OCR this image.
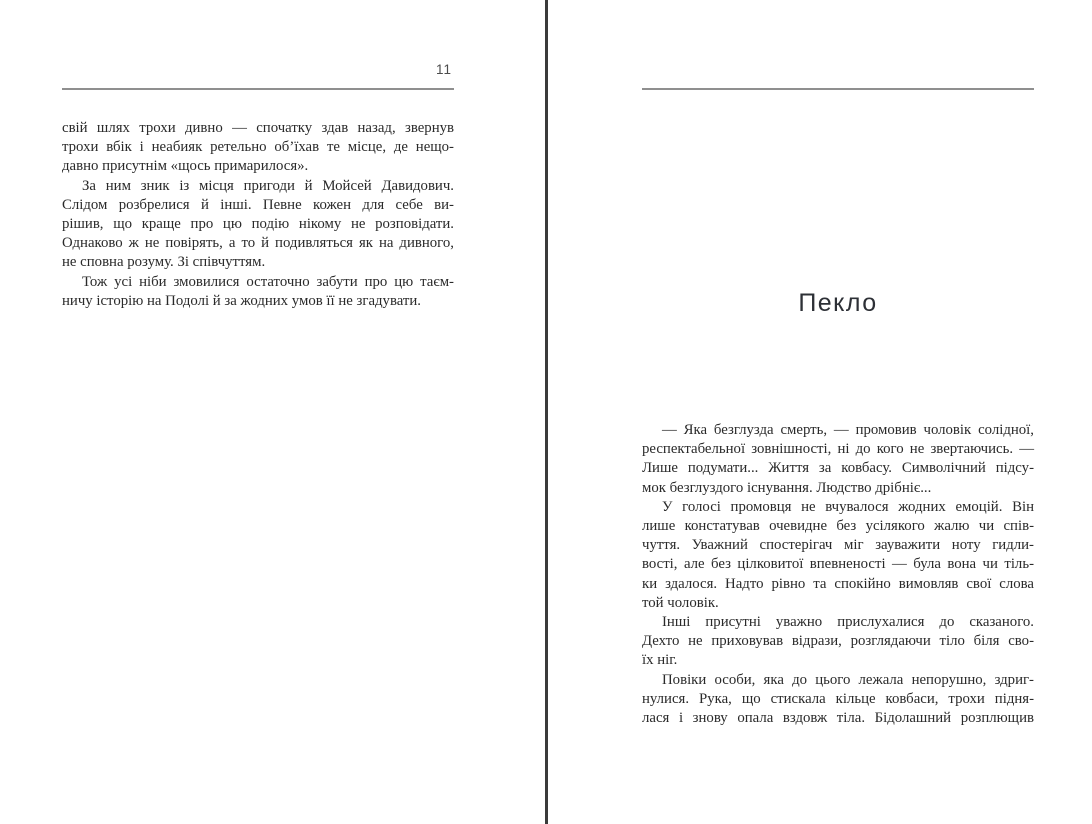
11
свій шлях трохи дивно — спочатку здав назад, звернув
трохи вбік і неабияк ретельно об’їхав те місце, де нещо-
давно присутнім «щось примарилося».
За ним зник із місця пригоди й Мойсей Давидович.
Слідом розбрелися й інші. Певне кожен для себе ви-
рішив, що краще про цю подію нікому не розповідати.
Однаково ж не повірять, а то й подивляться як на дивного,
не сповна розуму. Зі співчуттям.
Тож усі ніби змовилися остаточно забути про цю таєм-
ничу історію на Подолі й за жодних умов її не згадувати.	Пекло
— Яка безглузда смерть, — промовив чоловік солідної,
респектабельної зовнішності, ні до кого не звертаючись. —
Лише подумати... Життя за ковбасу. Символічний підсу-
мок безглуздого існування. Людство дрібніє...
У голосі промовця не вчувалося жодних емоцій. Він
лише констатував очевидне без усілякого жалю чи спів-
чуття. Уважний спостерігач міг зауважити ноту гидли-
вості, але без цілковитої впевненості — була вона чи тіль-
ки здалося. Надто рівно та спокійно вимовляв свої слова
той чоловік.
Інші присутні уважно прислухалися до сказаного.
Дехто не приховував відрази, розглядаючи тіло біля сво-
їх ніг.
Повіки особи, яка до цього лежала непорушно, здриг-
нулися. Рука, що стискала кільце ковбаси, трохи підня-
лася і знову опала вздовж тіла. Бідолашний розплющив
